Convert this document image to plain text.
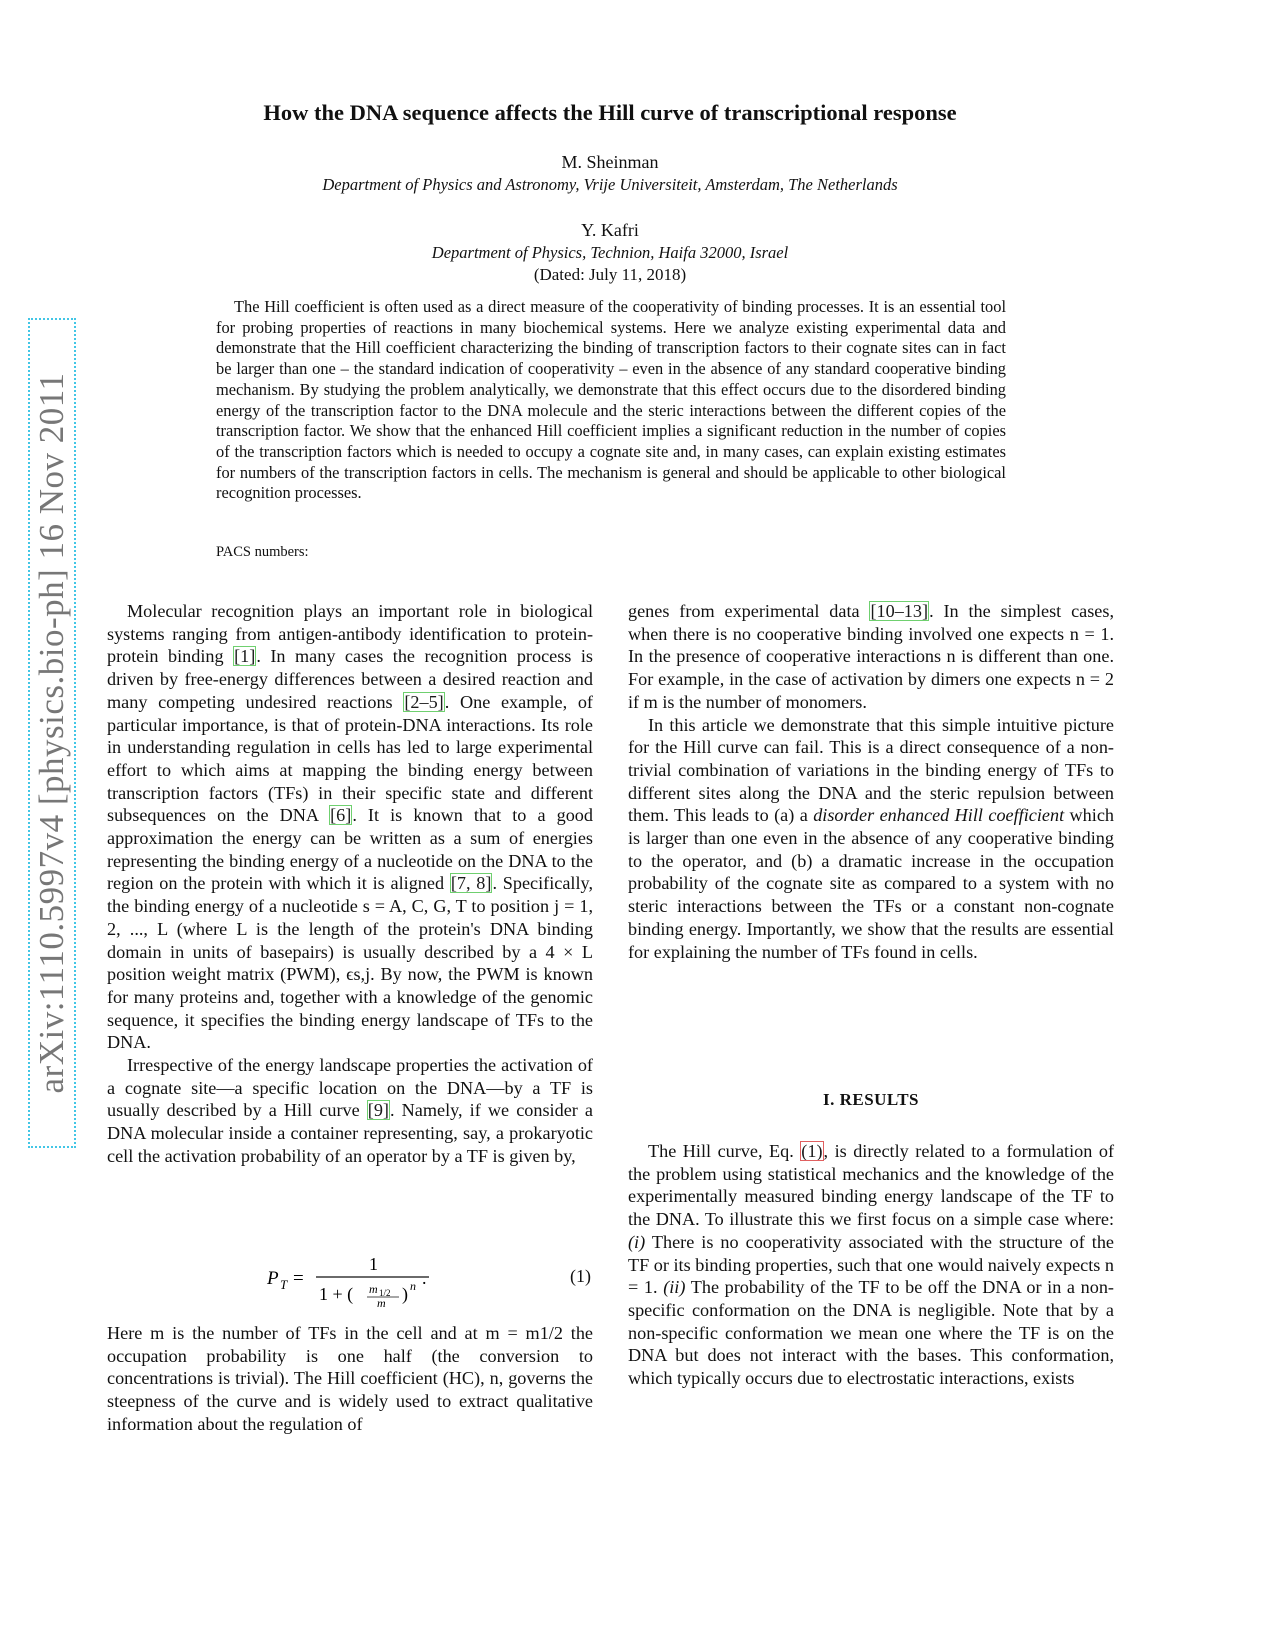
How the DNA sequence affects the Hill curve of transcriptional response
M. Sheinman
Department of Physics and Astronomy, Vrije Universiteit, Amsterdam, The Netherlands
Y. Kafri
Department of Physics, Technion, Haifa 32000, Israel
(Dated: July 11, 2018)
The Hill coefficient is often used as a direct measure of the cooperativity of binding processes. It is an essential tool for probing properties of reactions in many biochemical systems. Here we analyze existing experimental data and demonstrate that the Hill coefficient characterizing the binding of transcription factors to their cognate sites can in fact be larger than one – the standard indication of cooperativity – even in the absence of any standard cooperative binding mechanism. By studying the problem analytically, we demonstrate that this effect occurs due to the disordered binding energy of the transcription factor to the DNA molecule and the steric interactions between the different copies of the transcription factor. We show that the enhanced Hill coefficient implies a significant reduction in the number of copies of the transcription factors which is needed to occupy a cognate site and, in many cases, can explain existing estimates for numbers of the transcription factors in cells. The mechanism is general and should be applicable to other biological recognition processes.
PACS numbers:
arXiv:1110.5997v4 [physics.bio-ph] 16 Nov 2011	Molecular recognition plays an important role in biological systems ranging from antigen-antibody identification to protein-protein binding [1]. In many cases the recognition process is driven by free-energy differences between a desired reaction and many competing undesired reactions [2–5]. One example, of particular importance, is that of protein-DNA interactions. Its role in understanding regulation in cells has led to large experimental effort to which aims at mapping the binding energy between transcription factors (TFs) in their specific state and different subsequences on the DNA [6]. It is known that to a good approximation the energy can be written as a sum of energies representing the binding energy of a nucleotide on the DNA to the region on the protein with which it is aligned [7, 8]. Specifically, the binding energy of a nucleotide s = A, C, G, T to position j = 1, 2, ..., L (where L is the length of the protein's DNA binding domain in units of basepairs) is usually described by a 4 × L position weight matrix (PWM), ϵs,j. By now, the PWM is known for many proteins and, together with a knowledge of the genomic sequence, it specifies the binding energy landscape of TFs to the DNA.

Irrespective of the energy landscape properties the activation of a cognate site—a specific location on the DNA—by a TF is usually described by a Hill curve [9]. Namely, if we consider a DNA molecular inside a container representing, say, a prokaryotic cell the activation probability of an operator by a TF is given by,

P T =
1
1 + ( m 1/2
m ) n .	(1)

Here m is the number of TFs in the cell and at m = m1/2 the occupation probability is one half (the conversion to concentrations is trivial). The Hill coefficient (HC), n, governs the steepness of the curve and is widely used to extract qualitative information about the regulation of

genes from experimental data [10–13]. In the simplest cases, when there is no cooperative binding involved one expects n = 1. In the presence of cooperative interactions n is different than one. For example, in the case of activation by dimers one expects n = 2 if m is the number of monomers.

In this article we demonstrate that this simple intuitive picture for the Hill curve can fail. This is a direct consequence of a non-trivial combination of variations in the binding energy of TFs to different sites along the DNA and the steric repulsion between them. This leads to (a) a disorder enhanced Hill coefficient which is larger than one even in the absence of any cooperative binding to the operator, and (b) a dramatic increase in the occupation probability of the cognate site as compared to a system with no steric interactions between the TFs or a constant non-cognate binding energy. Importantly, we show that the results are essential for explaining the number of TFs found in cells.

I. RESULTS

The Hill curve, Eq. (1), is directly related to a formulation of the problem using statistical mechanics and the knowledge of the experimentally measured binding energy landscape of the TF to the DNA. To illustrate this we first focus on a simple case where: (i) There is no cooperativity associated with the structure of the TF or its binding properties, such that one would naively expects n = 1. (ii) The probability of the TF to be off the DNA or in a non-specific conformation on the DNA is negligible. Note that by a non-specific conformation we mean one where the TF is on the DNA but does not interact with the bases. This conformation, which typically occurs due to electrostatic interactions, exists
